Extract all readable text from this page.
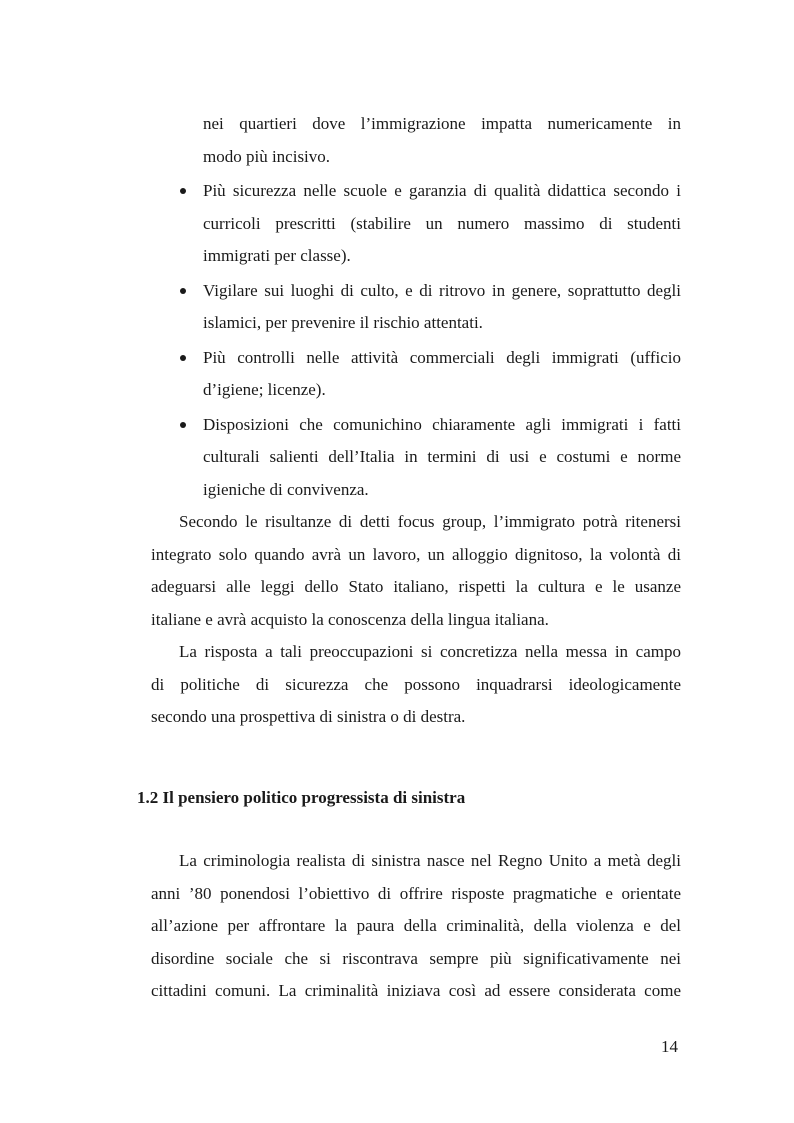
nei quartieri dove l’immigrazione impatta numericamente in

modo più incisivo.

Più sicurezza nelle scuole e garanzia di qualità didattica secondo i

curricoli prescritti (stabilire un numero massimo di studenti

immigrati per classe).

Vigilare sui luoghi di culto, e di ritrovo in genere, soprattutto degli

islamici, per prevenire il rischio attentati.

Più controlli nelle attività commerciali degli immigrati (ufficio

d’igiene; licenze).

Disposizioni che comunichino chiaramente agli immigrati i fatti

culturali salienti dell’Italia in termini di usi e costumi e norme

igieniche di convivenza.

Secondo le risultanze di detti focus group, l’immigrato potrà ritenersi

integrato solo quando avrà un lavoro, un alloggio dignitoso, la volontà di

adeguarsi alle leggi dello Stato italiano, rispetti la cultura e le usanze

italiane e avrà acquisto la conoscenza della lingua italiana.

La risposta a tali preoccupazioni si concretizza nella messa in campo

di politiche di sicurezza che possono inquadrarsi ideologicamente

secondo una prospettiva di sinistra o di destra.

1.2 Il pensiero politico progressista di sinistra

La criminologia realista di sinistra nasce nel Regno Unito a metà degli

anni ’80 ponendosi l’obiettivo di offrire risposte pragmatiche e orientate

all’azione per affrontare la paura della criminalità, della violenza e del

disordine sociale che si riscontrava sempre più significativamente nei

cittadini comuni. La criminalità iniziava così ad essere considerata come

14
